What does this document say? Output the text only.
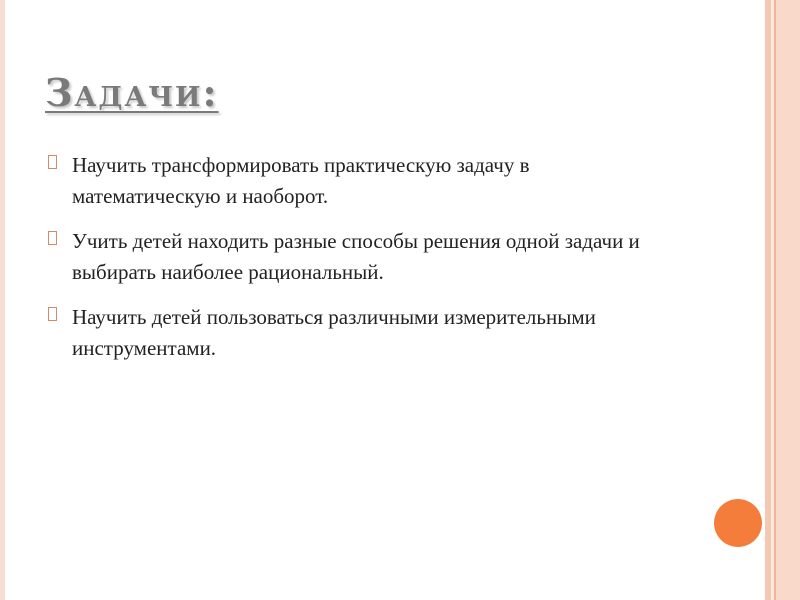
Задачи:
Научить трансформировать практическую задачу в математическую и наоборот.
Учить детей находить разные способы решения одной задачи и выбирать наиболее рациональный.
Научить детей пользоваться различными измерительными инструментами.
